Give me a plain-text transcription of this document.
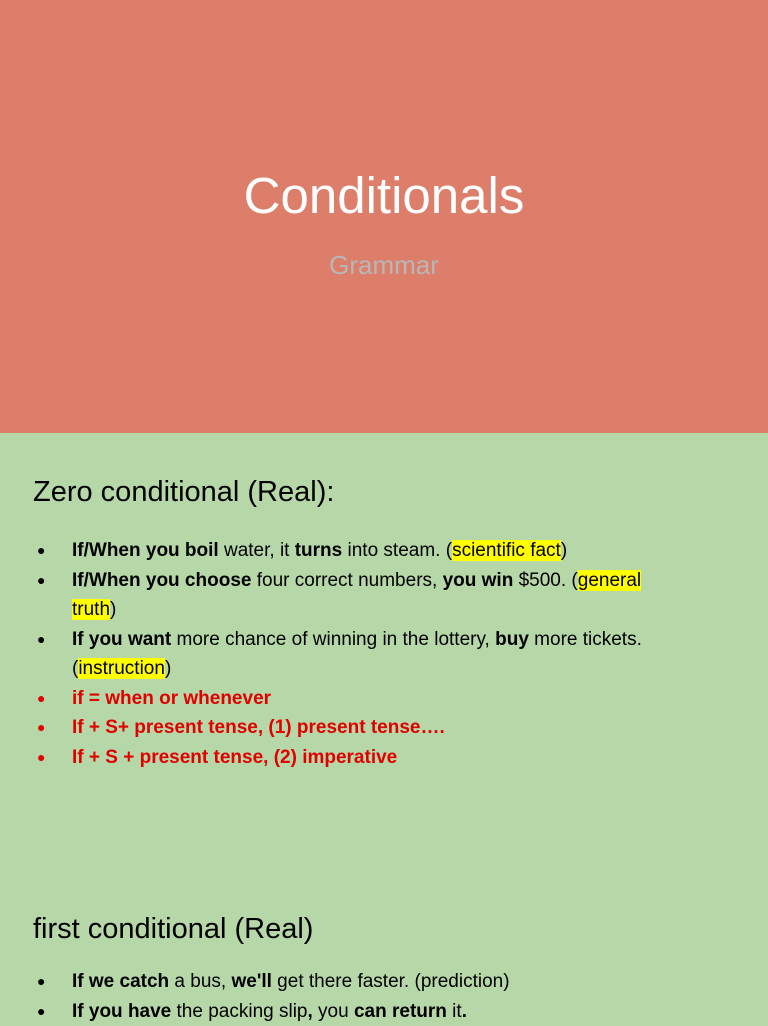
Conditionals
Grammar
Zero conditional (Real):
● If/When you boil water, it turns into steam. (scientific fact)
● If/When you choose four correct numbers, you win $500. (general
truth)
● If you want more chance of winning in the lottery, buy more tickets. (instruction)
● if = when or whenever
● If + S+ present tense, (1) present tense….
● If + S + present tense, (2) imperative
first conditional (Real)
● If we catch a bus, we'll get there faster. (prediction)
● If you have the packing slip, you can return it.
